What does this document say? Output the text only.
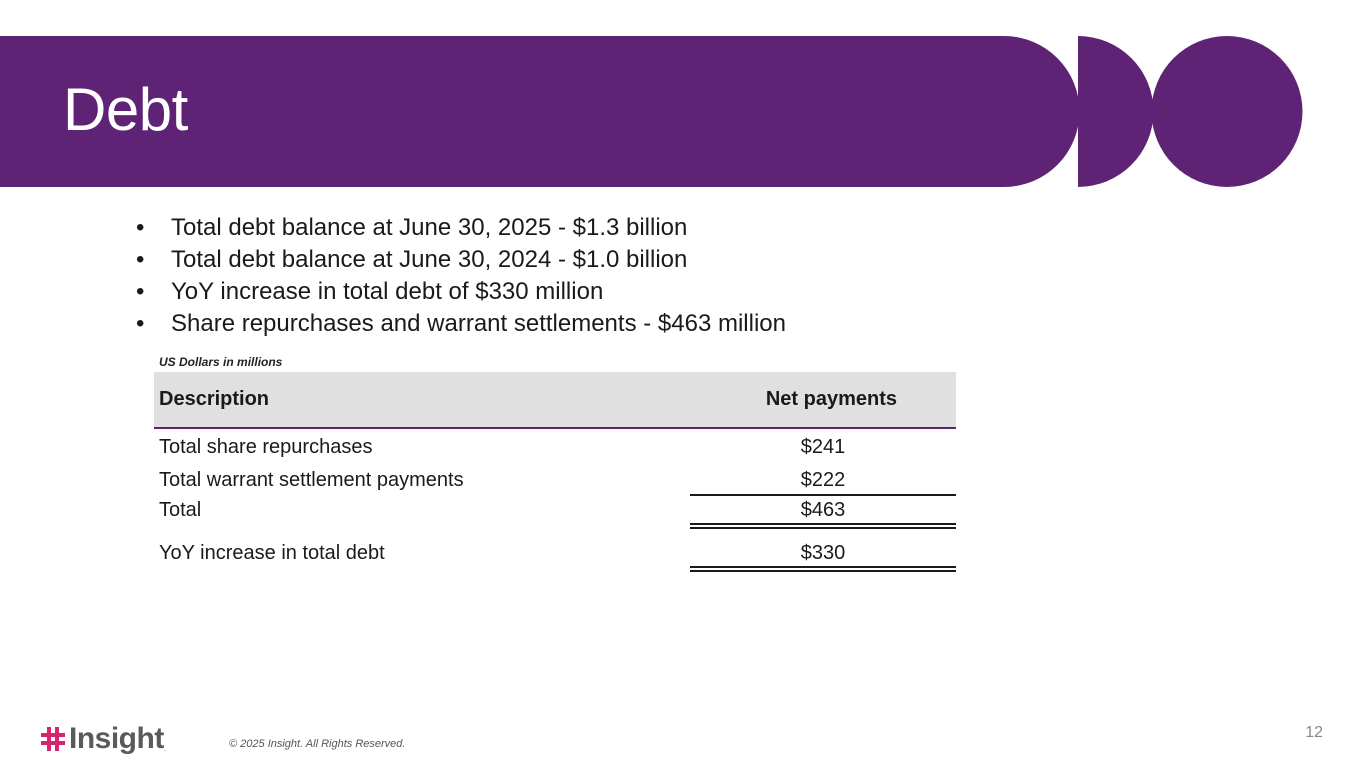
Debt
•	Total debt balance at June 30, 2025 - $1.3 billion
•	Total debt balance at June 30, 2024 - $1.0 billion
•	YoY increase in total debt of $330 million
•	Share repurchases and warrant settlements - $463 million
US Dollars in millions
Description	Net payments
Total share repurchases	$241
Total warrant settlement payments	$222
Total	$463
YoY increase in total debt	$330
Insight .	© 2025 Insight. All Rights Reserved.
12
